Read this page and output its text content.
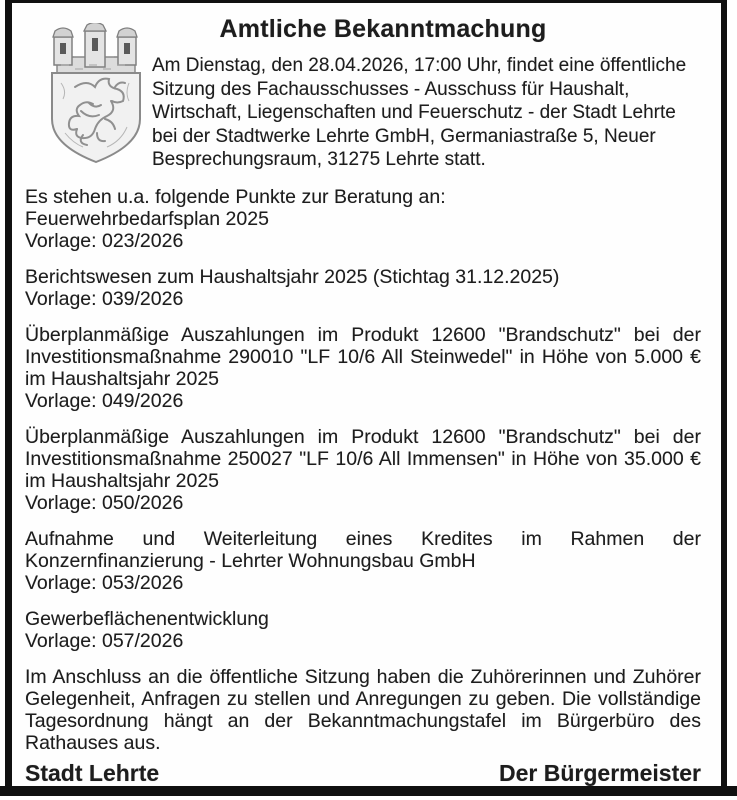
Amtliche Bekanntmachung
Am Dienstag, den 28.04.2026, 17:00 Uhr, findet eine öffentliche
Sitzung des Fachausschusses - Ausschuss für Haushalt,
Wirtschaft, Liegenschaften und Feuerschutz - der Stadt Lehrte
bei der Stadtwerke Lehrte GmbH, Germaniastraße 5, Neuer
Besprechungsraum, 31275 Lehrte statt.
Es stehen u.a. folgende Punkte zur Beratung an:
Feuerwehrbedarfsplan 2025
Vorlage: 023/2026
Berichtswesen zum Haushaltsjahr 2025 (Stichtag 31.12.2025)
Vorlage: 039/2026
Überplanmäßige Auszahlungen im Produkt 12600 "Brandschutz" bei der
Investitionsmaßnahme 290010 "LF 10/6 All Steinwedel" in Höhe von 5.000 €
im Haushaltsjahr 2025
Vorlage: 049/2026
Überplanmäßige Auszahlungen im Produkt 12600 "Brandschutz" bei der
Investitionsmaßnahme 250027 "LF 10/6 All Immensen" in Höhe von 35.000 €
im Haushaltsjahr 2025
Vorlage: 050/2026
Aufnahme und Weiterleitung eines Kredites im Rahmen der
Konzernfinanzierung - Lehrter Wohnungsbau GmbH
Vorlage: 053/2026
Gewerbeflächenentwicklung
Vorlage: 057/2026
Im Anschluss an die öffentliche Sitzung haben die Zuhörerinnen und Zuhörer
Gelegenheit, Anfragen zu stellen und Anregungen zu geben. Die vollständige
Tagesordnung hängt an der Bekanntmachungstafel im Bürgerbüro des
Rathauses aus.
Stadt Lehrte	Der Bürgermeister
